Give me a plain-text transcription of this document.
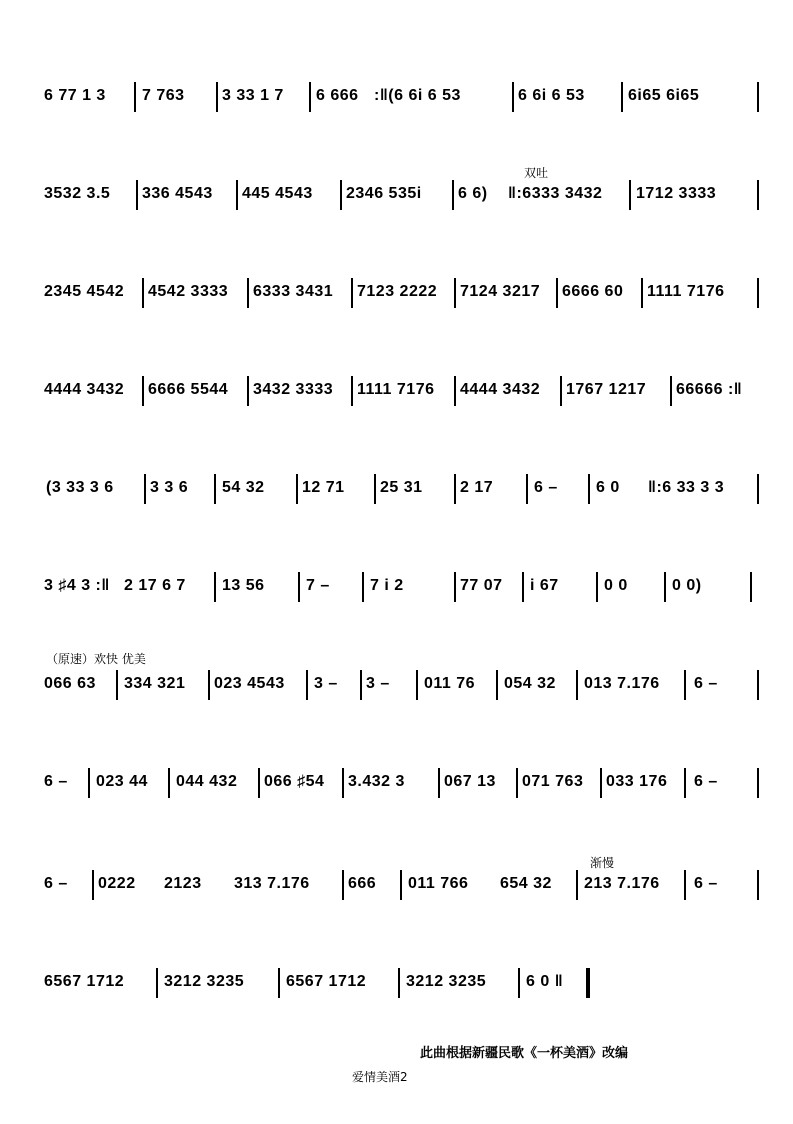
6 77 1 3 7 763 3 33 1 7 6 666 :‖(6 6i 6 53	6 6i 6 53	6i65 6i65
双吐
3532 3.5 336 4543 445 4543 2346 535i 6 6) ‖:6333 3432 1712 3333
2345 4542 4542 3333 6333 3431 7123 2222 7124 3217 6666 60 1111 7176
4444 3432 6666 5544 3432 3333 1111 7176 4444 3432 1767 1217 66666 :‖
(3 33 3 6 3 3 6 54 32 12 71 25 31 2 17	6 – 6 0 ‖:6 33 3 3
3 ♯4 3 :‖ 2 17 6 7 13 56	7 –	7 i 2	77 07 i 67	0 0	0 0)
（原速）欢快 优美
066 63 334 321 023 4543 3 – 3 – 011 76 054 32 013 7.176 6 –
6 – 023 44 044 432 066 ♯54 3.432 3 067 13 071 763 033 176 6 –
渐慢
6 – 0222 2123 313 7.176 666 011 766 654 32 213 7.176 6 –
6567 1712 3212 3235	6567 1712 3212 3235 6 0 ‖
此曲根据新疆民歌《一杯美酒》改编
爱情美酒2
